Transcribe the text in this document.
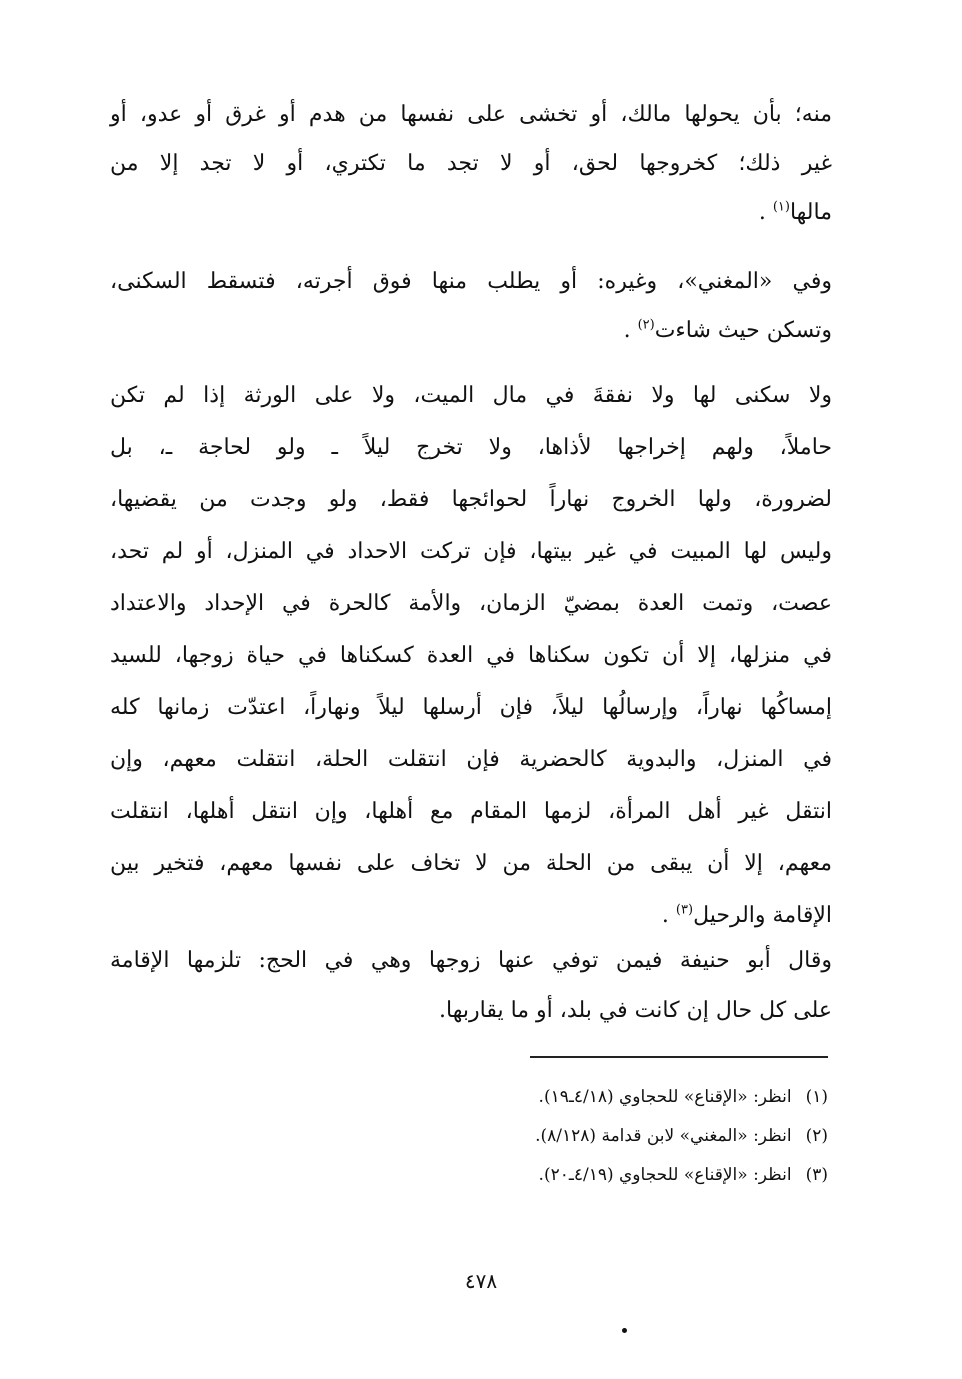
منه؛ بأن يحولها مالك، أو تخشى على نفسها من هدم أو غرق أو عدو، أو
غير ذلك؛ كخروجها لحق، أو لا تجد ما تكتري، أو لا تجد إلا من
مالها$^{(١)}$ .
وفي «المغني»، وغيره: أو يطلب منها فوق أجرته، فتسقط السكنى،
وتسكن حيث شاءت$^{(٢)}$ .
ولا سكنى لها ولا نفقةَ في مال الميت، ولا على الورثة إذا لم تكن
حاملاً، ولهم إخراجها لأذاها، ولا تخرج ليلاً ـ ولو لحاجة ـ، بل
لضرورة، ولها الخروج نهاراً لحوائجها فقط، ولو وجدت من يقضيها،
وليس لها المبيت في غير بيتها، فإن تركت الاحداد في المنزل، أو لم تحد،
عصت، وتمت العدة بمضيّ الزمان، والأمة كالحرة في الإحداد والاعتداد
في منزلها، إلا أن تكون سكناها في العدة كسكناها في حياة زوجها، للسيد
إمساكُها نهاراً، وإرسالُها ليلاً، فإن أرسلها ليلاً ونهاراً، اعتدّت زمانها كله
في المنزل، والبدوية كالحضرية فإن انتقلت الحلة، انتقلت معهم، وإن
انتقل غير أهل المرأة، لزمها المقام مع أهلها، وإن انتقل أهلها، انتقلت
معهم، إلا أن يبقى من الحلة من لا تخاف على نفسها معهم، فتخير بين
الإقامة والرحيل$^{(٣)}$ .
وقال أبو حنيفة فيمن توفي عنها زوجها وهي في الحج: تلزمها الإقامة
على كل حال إن كانت في بلد، أو ما يقاربها.
(١)انظر: «الإقناع» للحجاوي (٤/١٨ـ١٩).
(٢)انظر: «المغني» لابن قدامة (٨/١٢٨).
(٣)انظر: «الإقناع» للحجاوي (٤/١٩ـ٢٠).
٤٧٨
